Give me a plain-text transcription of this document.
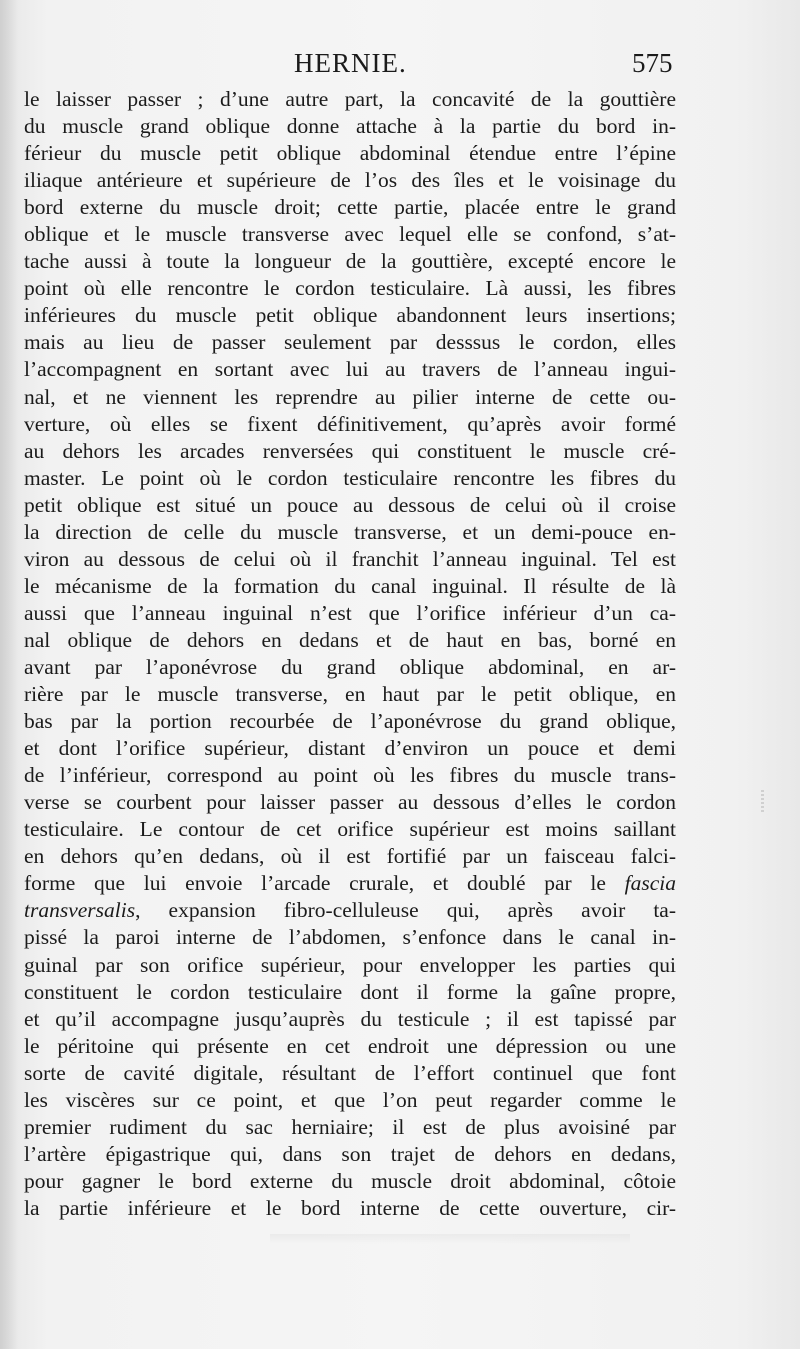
HERNIE.	575
le laisser passer ; d’une autre part, la concavité de la gouttière
du muscle grand oblique donne attache à la partie du bord in-
férieur du muscle petit oblique abdominal étendue entre l’épine
iliaque antérieure et supérieure de l’os des îles et le voisinage du
bord externe du muscle droit; cette partie, placée entre le grand
oblique et le muscle transverse avec lequel elle se confond, s’at-
tache aussi à toute la longueur de la gouttière, excepté encore le
point où elle rencontre le cordon testiculaire. Là aussi, les fibres
inférieures du muscle petit oblique abandonnent leurs insertions;
mais au lieu de passer seulement par desssus le cordon, elles
l’accompagnent en sortant avec lui au travers de l’anneau ingui-
nal, et ne viennent les reprendre au pilier interne de cette ou-
verture, où elles se fixent définitivement, qu’après avoir formé
au dehors les arcades renversées qui constituent le muscle cré-
master. Le point où le cordon testiculaire rencontre les fibres du
petit oblique est situé un pouce au dessous de celui où il croise
la direction de celle du muscle transverse, et un demi-pouce en-
viron au dessous de celui où il franchit l’anneau inguinal. Tel est
le mécanisme de la formation du canal inguinal. Il résulte de là
aussi que l’anneau inguinal n’est que l’orifice inférieur d’un ca-
nal oblique de dehors en dedans et de haut en bas, borné en
avant par l’aponévrose du grand oblique abdominal, en ar-
rière par le muscle transverse, en haut par le petit oblique, en
bas par la portion recourbée de l’aponévrose du grand oblique,
et dont l’orifice supérieur, distant d’environ un pouce et demi
de l’inférieur, correspond au point où les fibres du muscle trans-
verse se courbent pour laisser passer au dessous d’elles le cordon
testiculaire. Le contour de cet orifice supérieur est moins saillant
en dehors qu’en dedans, où il est fortifié par un faisceau falci-
forme que lui envoie l’arcade crurale, et doublé par le fascia
transversalis, expansion fibro-celluleuse qui, après avoir ta-
pissé la paroi interne de l’abdomen, s’enfonce dans le canal in-
guinal par son orifice supérieur, pour envelopper les parties qui
constituent le cordon testiculaire dont il forme la gaîne propre,
et qu’il accompagne jusqu’auprès du testicule ; il est tapissé par
le péritoine qui présente en cet endroit une dépression ou une
sorte de cavité digitale, résultant de l’effort continuel que font
les viscères sur ce point, et que l’on peut regarder comme le
premier rudiment du sac herniaire; il est de plus avoisiné par
l’artère épigastrique qui, dans son trajet de dehors en dedans,
pour gagner le bord externe du muscle droit abdominal, côtoie
la partie inférieure et le bord interne de cette ouverture, cir-
